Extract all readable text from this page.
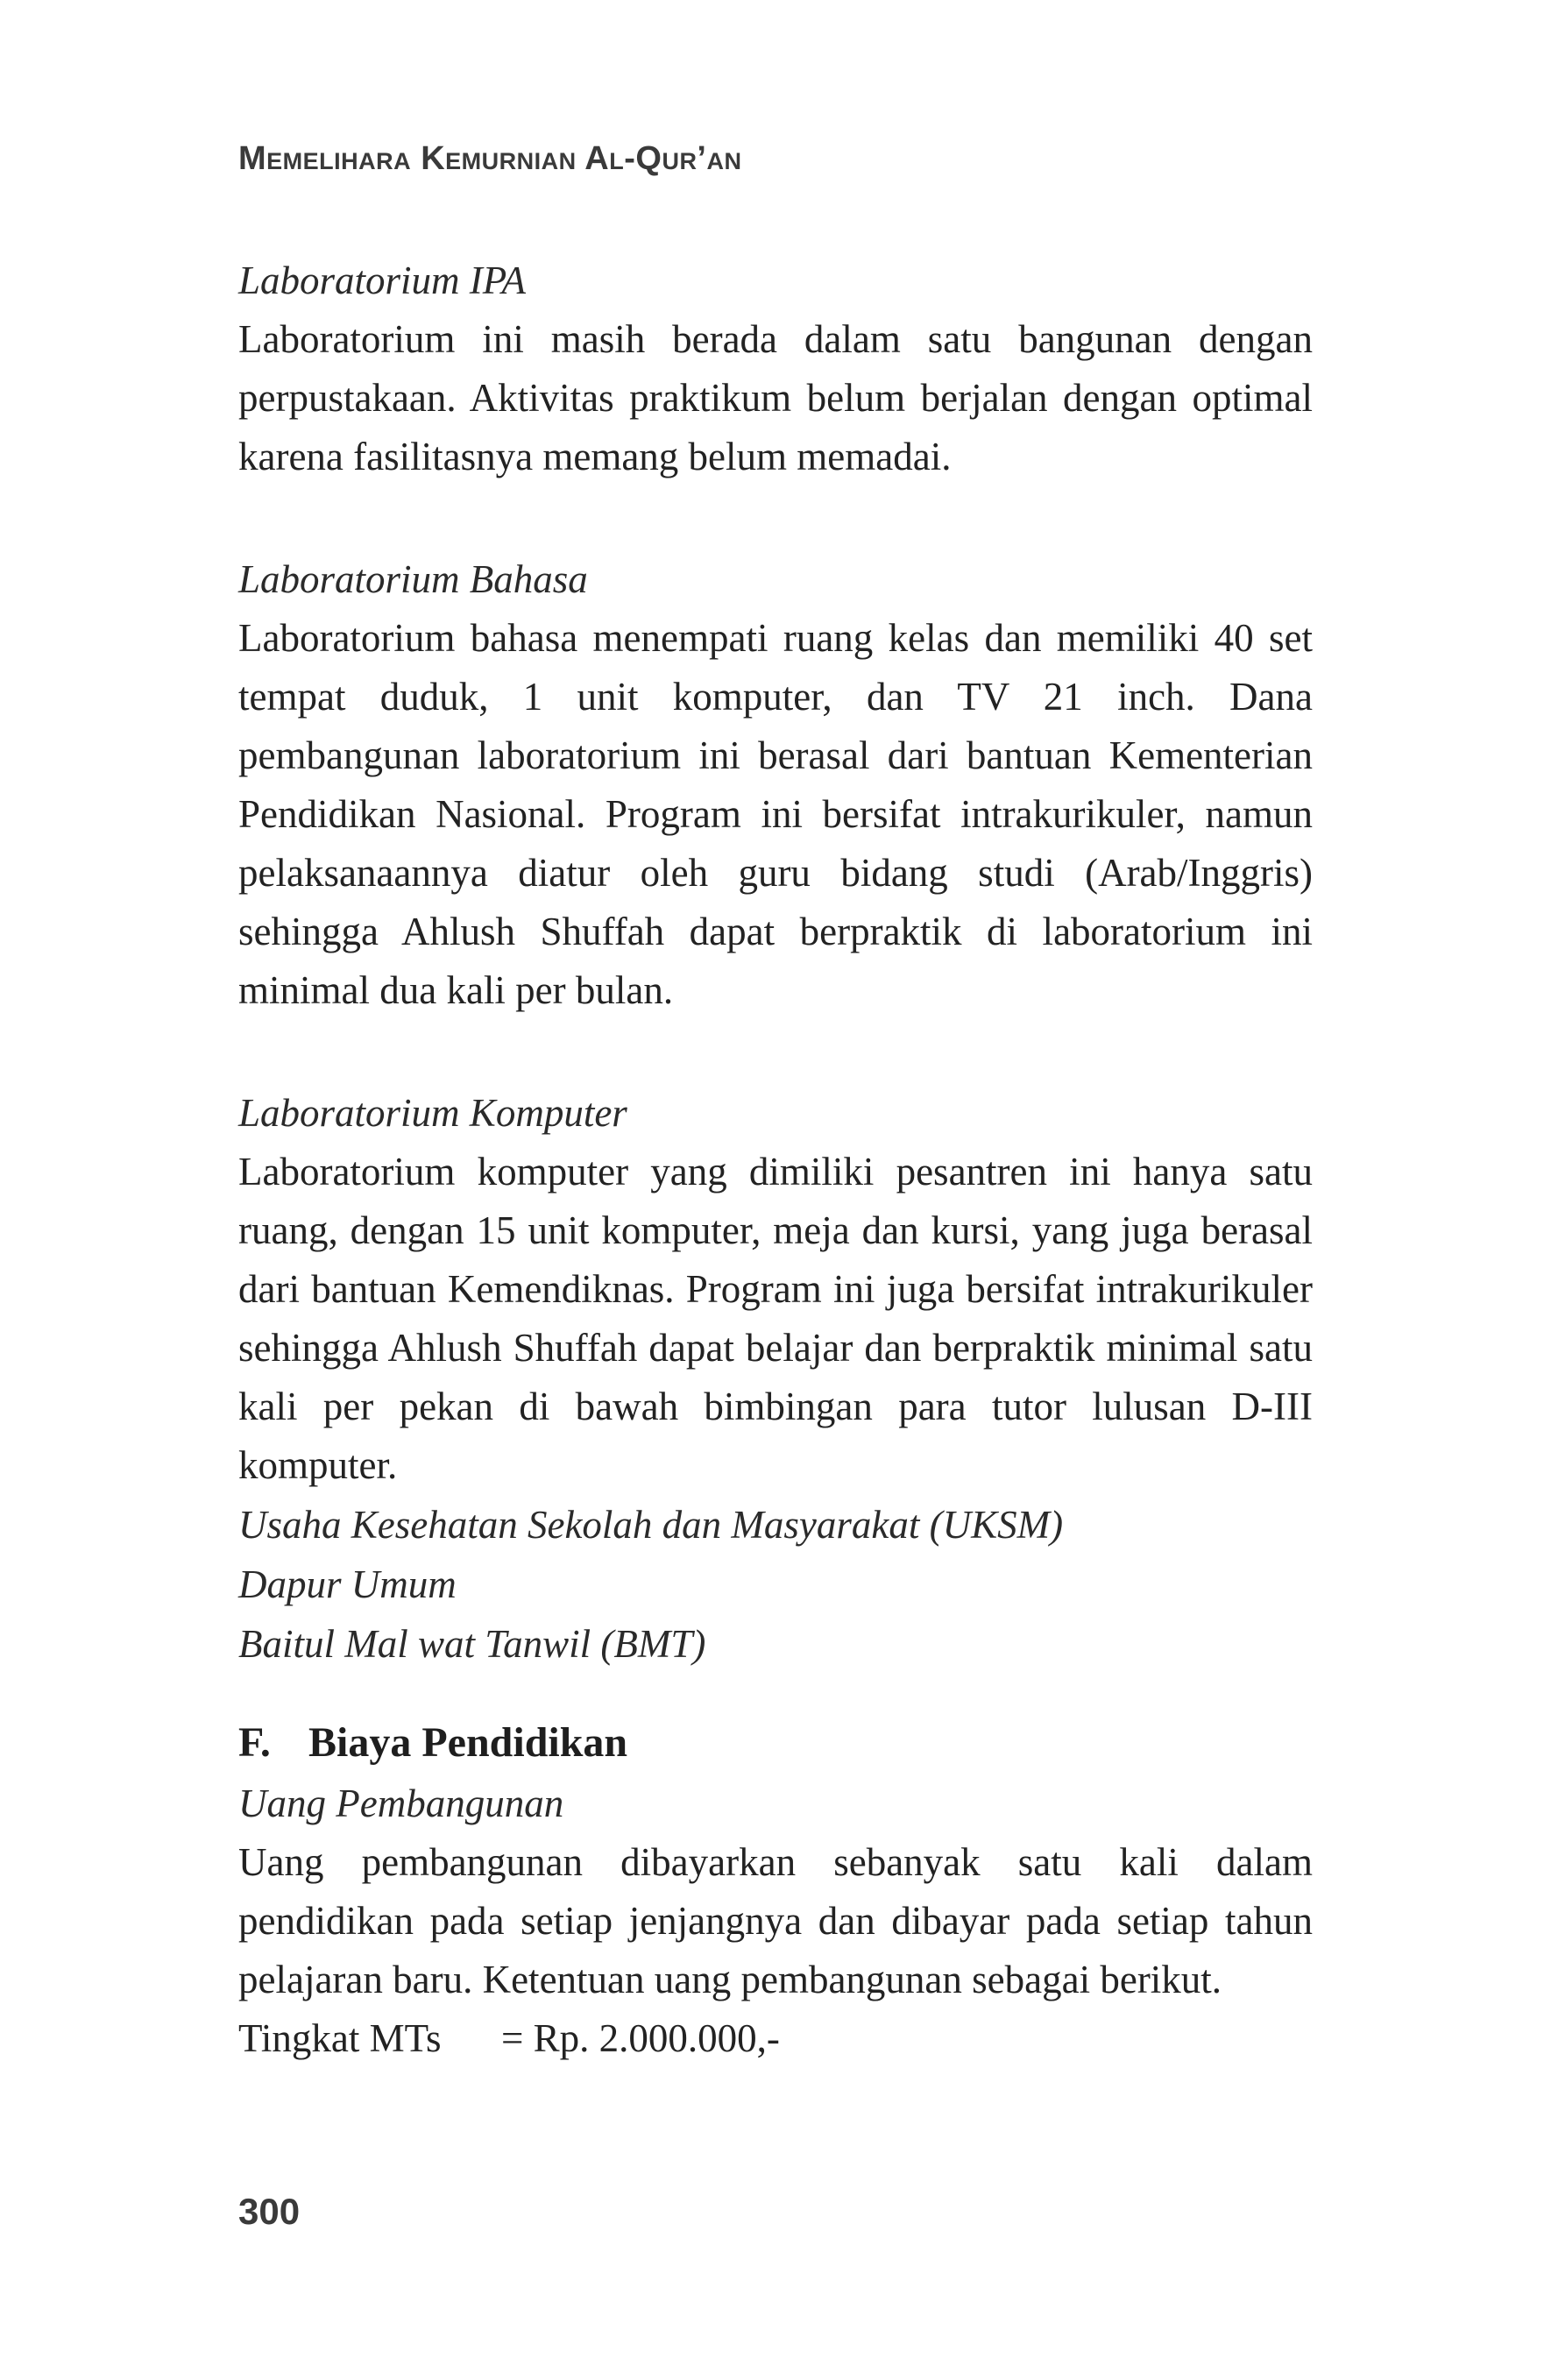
Memelihara Kemurnian Al-Qur’an

Laboratorium IPA

Laboratorium ini masih berada dalam satu bangunan dengan perpustakaan. Aktivitas praktikum belum berjalan dengan optimal karena fasilitasnya memang belum memadai.

Laboratorium Bahasa

Laboratorium bahasa menempati ruang kelas dan memiliki 40 set tempat duduk, 1 unit komputer, dan TV 21 inch. Dana pembangunan laboratorium ini berasal dari bantuan Kementerian Pendidikan Nasional. Program ini bersifat intrakurikuler, namun pelaksanaannya diatur oleh guru bidang studi (Arab/Inggris) sehingga Ahlush Shuffah dapat berpraktik di laboratorium ini minimal dua kali per bulan.

Laboratorium Komputer

Laboratorium komputer yang dimiliki pesantren ini hanya satu ruang, dengan 15 unit komputer, meja dan kursi, yang juga berasal dari bantuan Kemendiknas. Program ini juga bersifat intrakurikuler sehingga Ahlush Shuffah dapat belajar dan berpraktik minimal satu kali per pekan di bawah bimbingan para tutor lulusan D-III komputer.

Usaha Kesehatan Sekolah dan Masyarakat (UKSM)

Dapur Umum

Baitul Mal wat Tanwil (BMT)

F. Biaya Pendidikan

Uang Pembangunan

Uang pembangunan dibayarkan sebanyak satu kali dalam pendidikan pada setiap jenjangnya dan dibayar pada setiap tahun pelajaran baru. Ketentuan uang pembangunan sebagai berikut.

Tingkat MTs = Rp. 2.000.000,-

300
